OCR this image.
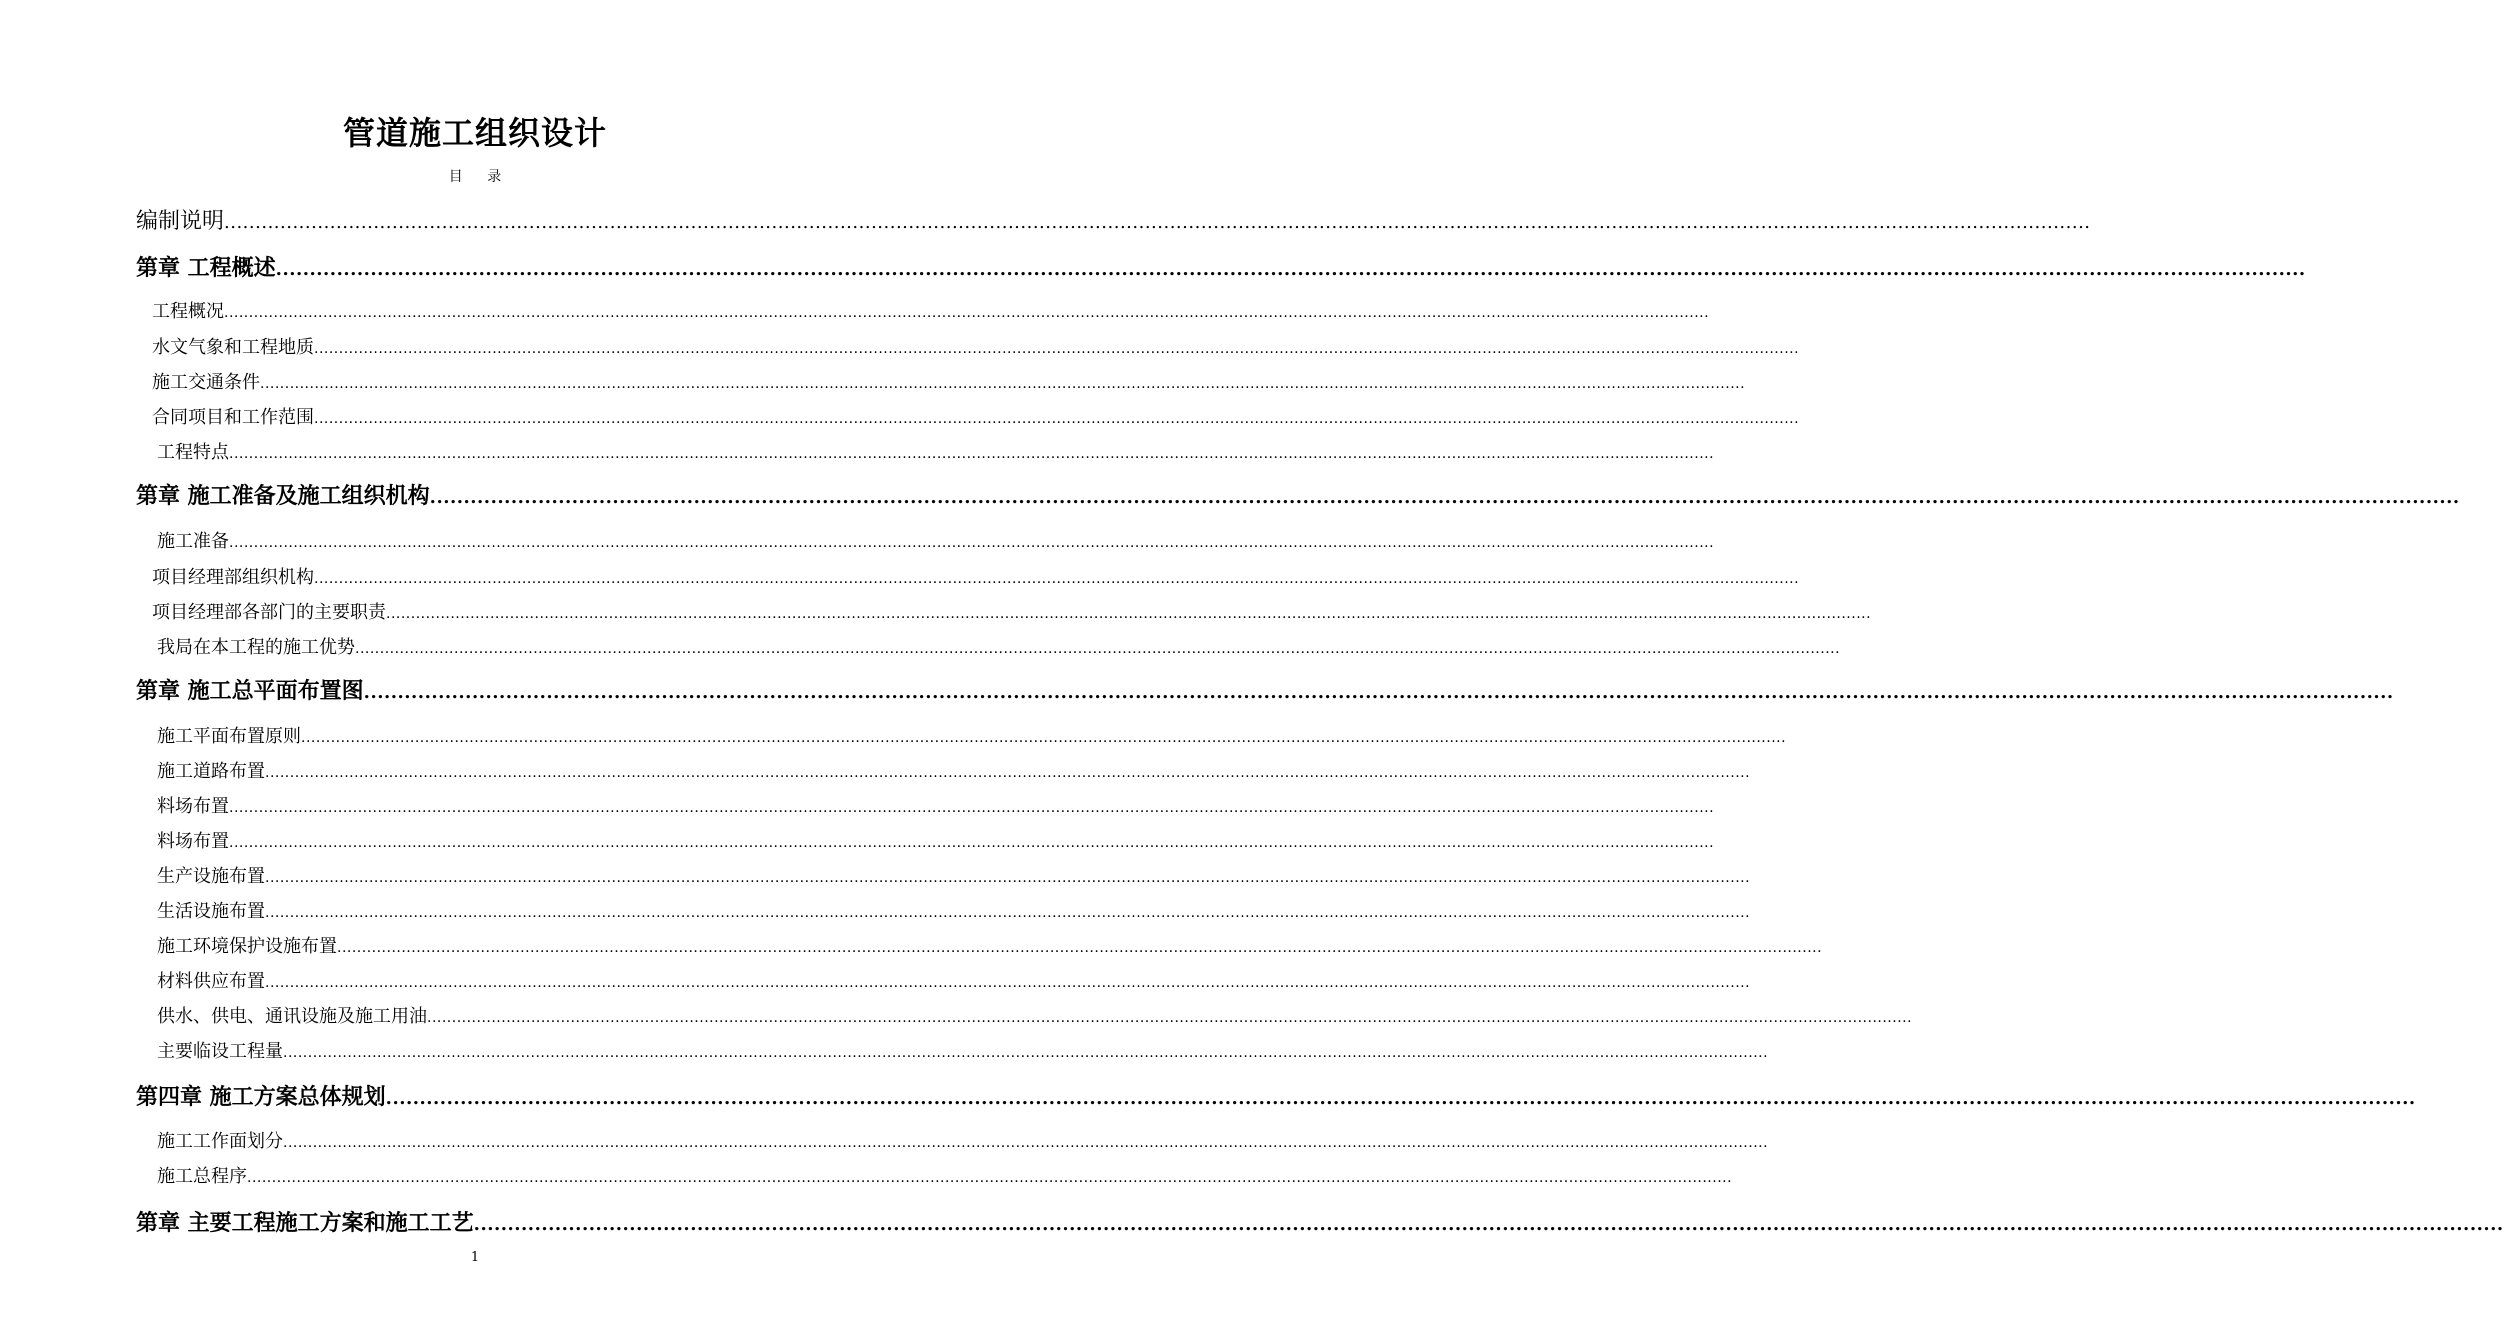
管道施工组织设计
目 录
编制说明 ............................................................................................................................................................................................................................................................................................................
第章 工程概述 ............................................................................................................................................................................................................................................................................................................
工程概况 ............................................................................................................................................................................................................................................................................................................
水文气象和工程地质 ............................................................................................................................................................................................................................................................................................................
施工交通条件 ............................................................................................................................................................................................................................................................................................................
合同项目和工作范围 ............................................................................................................................................................................................................................................................................................................
工程特点 ............................................................................................................................................................................................................................................................................................................
第章 施工准备及施工组织机构 ............................................................................................................................................................................................................................................................................................................
施工准备 ............................................................................................................................................................................................................................................................................................................
项目经理部组织机构 ............................................................................................................................................................................................................................................................................................................
项目经理部各部门的主要职责 ............................................................................................................................................................................................................................................................................................................
我局在本工程的施工优势 ............................................................................................................................................................................................................................................................................................................
第章 施工总平面布置图 ............................................................................................................................................................................................................................................................................................................
施工平面布置原则 ............................................................................................................................................................................................................................................................................................................
施工道路布置 ............................................................................................................................................................................................................................................................................................................
料场布置 ............................................................................................................................................................................................................................................................................................................
料场布置 ............................................................................................................................................................................................................................................................................................................
生产设施布置 ............................................................................................................................................................................................................................................................................................................
生活设施布置 ............................................................................................................................................................................................................................................................................................................
施工环境保护设施布置 ............................................................................................................................................................................................................................................................................................................
材料供应布置 ............................................................................................................................................................................................................................................................................................................
供水、供电、通讯设施及施工用油 ............................................................................................................................................................................................................................................................................................................
主要临设工程量 ............................................................................................................................................................................................................................................................................................................
第四章 施工方案总体规划 ............................................................................................................................................................................................................................................................................................................
施工工作面划分 ............................................................................................................................................................................................................................................................................................................
施工总程序 ............................................................................................................................................................................................................................................................................................................
第章 主要工程施工方案和施工工艺 ............................................................................................................................................................................................................................................................................................................
1
